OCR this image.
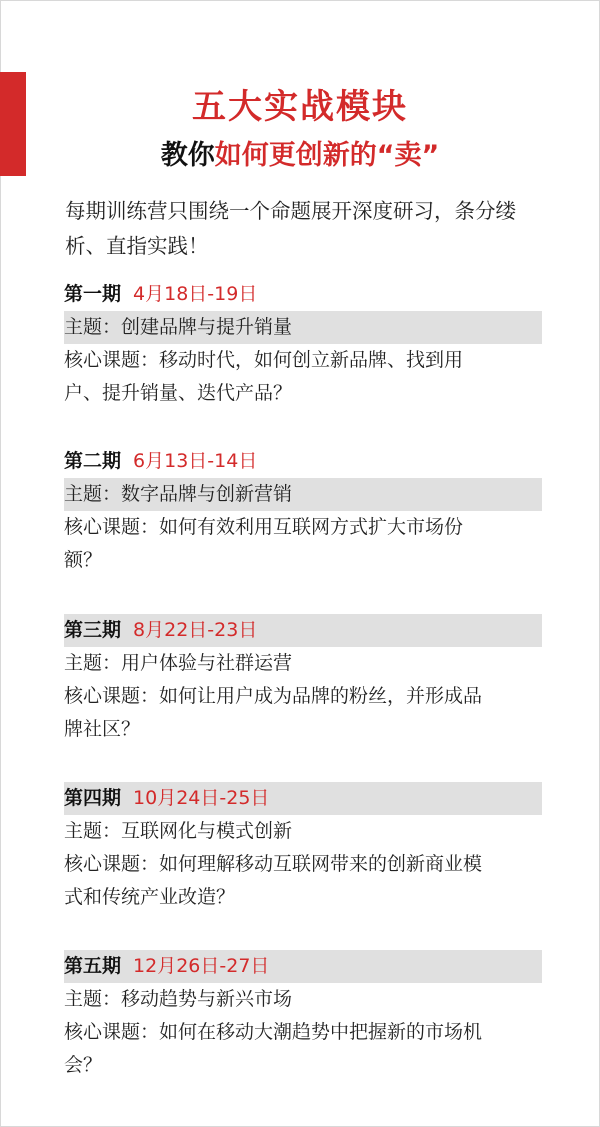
五大实战模块
教你如何更创新的“卖”
每期训练营只围绕一个命题展开深度研习，条分缕析、直指实践！
第一期 4月18日-19日
主题：创建品牌与提升销量
核心课题：移动时代，如何创立新品牌、找到用
户、提升销量、迭代产品？
第二期 6月13日-14日
主题：数字品牌与创新营销
核心课题：如何有效利用互联网方式扩大市场份
额？
第三期 8月22日-23日
主题：用户体验与社群运营
核心课题：如何让用户成为品牌的粉丝，并形成品
牌社区？
第四期 10月24日-25日
主题：互联网化与模式创新
核心课题：如何理解移动互联网带来的创新商业模
式和传统产业改造？
第五期 12月26日-27日
主题：移动趋势与新兴市场
核心课题：如何在移动大潮趋势中把握新的市场机
会？
